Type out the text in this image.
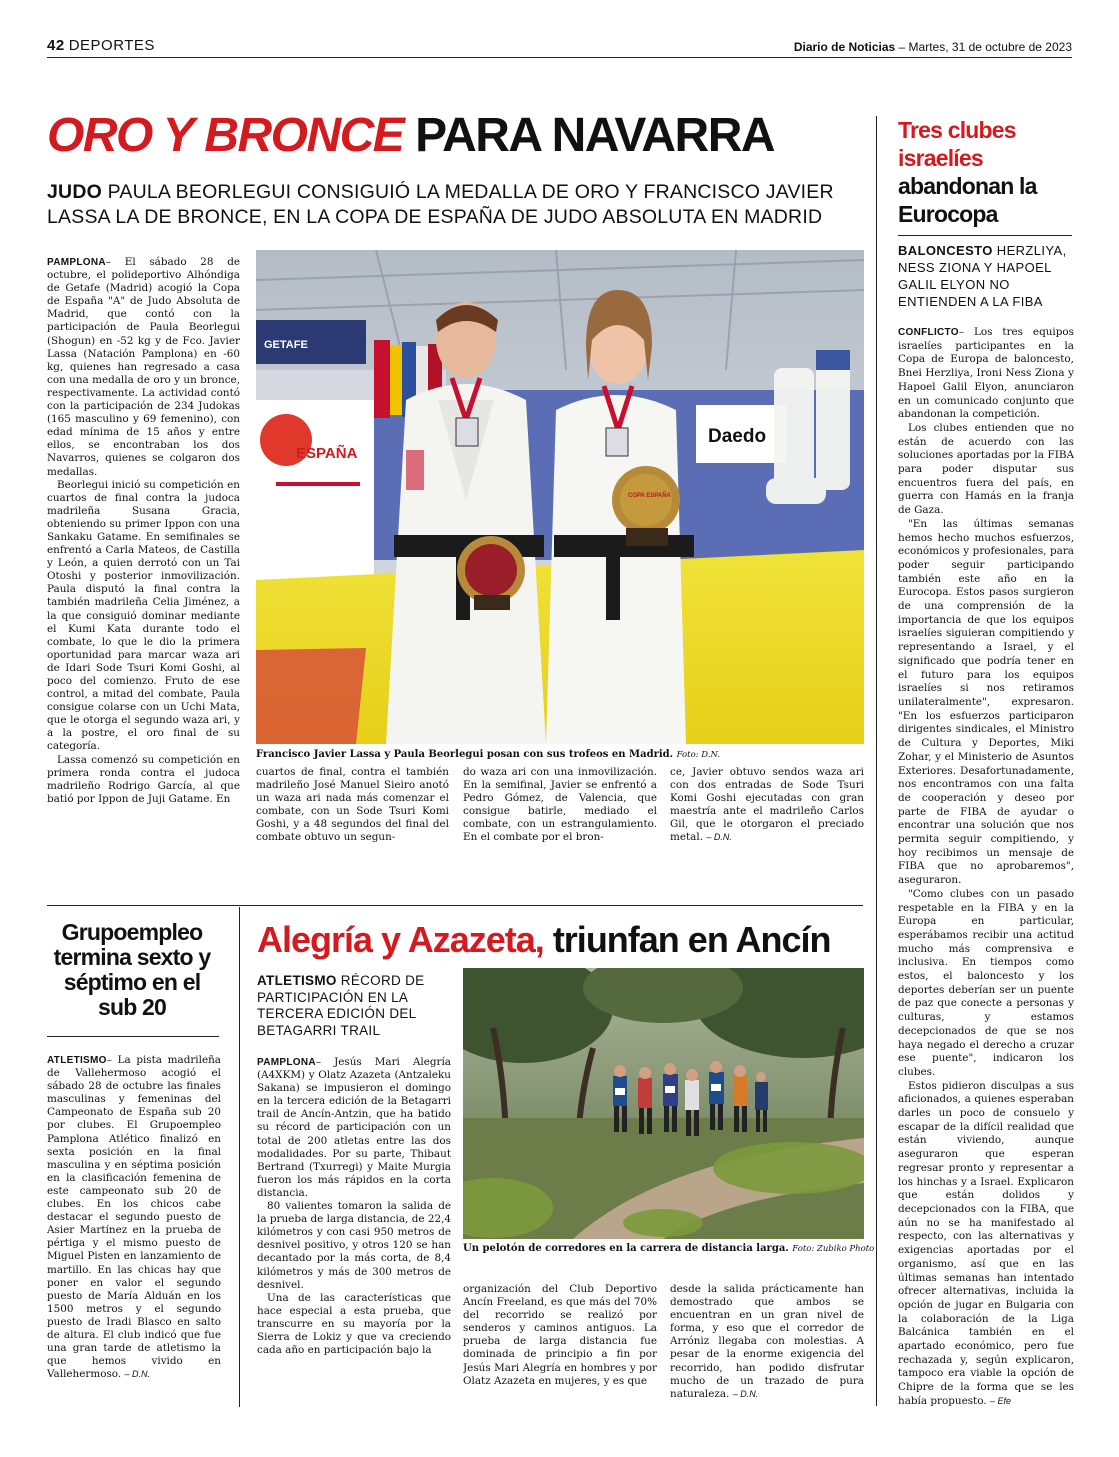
42 DEPORTES	Diario de Noticias – Martes, 31 de octubre de 2023
ORO Y BRONCE PARA NAVARRA
JUDO PAULA BEORLEGUI CONSIGUIÓ LA MEDALLA DE ORO Y FRANCISCO JAVIER LASSA LA DE BRONCE, EN LA COPA DE ESPAÑA DE JUDO ABSOLUTA EN MADRID

PAMPLONA– El sábado 28 de octubre, el polideportivo Alhóndiga de Getafe (Madrid) acogió la Copa de España "A" de Judo Absoluta de Madrid, que contó con la participación de Paula Beorlegui (Shogun) en -52 kg y de Fco. Javier Lassa (Natación Pamplona) en -60 kg, quienes han regresado a casa con una medalla de oro y un bronce, respectivamente. La actividad contó con la participación de 234 Judokas (165 masculino y 69 femenino), con edad mínima de 15 años y entre ellos, se encontraban los dos Navarros, quienes se colgaron dos medallas.

Beorlegui inició su competición en cuartos de final contra la judoca madrileña Susana Gracia, obteniendo su primer Ippon con una Sankaku Gatame. En semifinales se enfrentó a Carla Mateos, de Castilla y León, a quien derrotó con un Tai Otoshi y posterior inmovilización. Paula disputó la final contra la también madrileña Celia Jiménez, a la que consiguió dominar mediante el Kumi Kata durante todo el combate, lo que le dio la primera oportunidad para marcar waza ari de Idari Sode Tsuri Komi Goshi, al poco del comienzo. Fruto de ese control, a mitad del combate, Paula consigue colarse con un Uchi Mata, que le otorga el segundo waza ari, y a la postre, el oro final de su categoría.

Lassa comenzó su competición en primera ronda contra el judoca madrileño Rodrigo García, al que batió por Ippon de Juji Gatame. En

ESPAÑA
GETAFE
Daedo
COPA ESPAÑA
Francisco Javier Lassa y Paula Beorlegui posan con sus trofeos en Madrid. Foto: D.N.

cuartos de final, contra el también madrileño José Manuel Sieiro anotó un waza ari nada más comenzar el combate, con un Sode Tsuri Komi Goshi, y a 48 segundos del final del combate obtuvo un segun-

do waza ari con una inmovilización. En la semifinal, Javier se enfrentó a Pedro Gómez, de Valencia, que consigue batirle, mediado el combate, con un estrangulamiento. En el combate por el bron-

ce, Javier obtuvo sendos waza ari con dos entradas de Sode Tsuri Komi Goshi ejecutadas con gran maestría ante el madrileño Carlos Gil, que le otorgaron el preciado metal. – D.N.

Tres clubes israelíes abandonan la Eurocopa
BALONCESTO HERZLIYA, NESS ZIONA Y HAPOEL GALIL ELYON NO ENTIENDEN A LA FIBA

CONFLICTO– Los tres equipos israelíes participantes en la Copa de Europa de baloncesto, Bnei Herzliya, Ironi Ness Ziona y Hapoel Galil Elyon, anunciaron en un comunicado conjunto que abandonan la competición.

Los clubes entienden que no están de acuerdo con las soluciones aportadas por la FIBA para poder disputar sus encuentros fuera del país, en guerra con Hamás en la franja de Gaza.

"En las últimas semanas hemos hecho muchos esfuerzos, económicos y profesionales, para poder seguir participando también este año en la Eurocopa. Estos pasos surgieron de una comprensión de la importancia de que los equipos israelíes siguieran compitiendo y representando a Israel, y el significado que podría tener en el futuro para los equipos israelíes si nos retiramos unilateralmente", expresaron. "En los esfuerzos participaron dirigentes sindicales, el Ministro de Cultura y Deportes, Miki Zohar, y el Ministerio de Asuntos Exteriores. Desafortunadamente, nos encontramos con una falta de cooperación y deseo por parte de FIBA de ayudar o encontrar una solución que nos permita seguir compitiendo, y hoy recibimos un mensaje de FIBA que no aprobaremos", aseguraron.

"Como clubes con un pasado respetable en la FIBA y en la Europa en particular, esperábamos recibir una actitud mucho más comprensiva e inclusiva. En tiempos como estos, el baloncesto y los deportes deberían ser un puente de paz que conecte a personas y culturas, y estamos decepcionados de que se nos haya negado el derecho a cruzar ese puente", indicaron los clubes.

Estos pidieron disculpas a sus aficionados, a quienes esperaban darles un poco de consuelo y escapar de la difícil realidad que están viviendo, aunque aseguraron que esperan regresar pronto y representar a los hinchas y a Israel. Explicaron que están dolidos y decepcionados con la FIBA, que aún no se ha manifestado al respecto, con las alternativas y exigencias aportadas por el organismo, así que en las últimas semanas han intentado ofrecer alternativas, incluida la opción de jugar en Bulgaria con la colaboración de la Liga Balcánica también en el apartado económico, pero fue rechazada y, según explicaron, tampoco era viable la opción de Chipre de la forma que se les había propuesto. – Efe

Grupoempleo termina sexto y séptimo en el sub 20

ATLETISMO– La pista madrileña de Vallehermoso acogió el sábado 28 de octubre las finales masculinas y femeninas del Campeonato de España sub 20 por clubes. El Grupoempleo Pamplona Atlético finalizó en sexta posición en la final masculina y en séptima posición en la clasificación femenina de este campeonato sub 20 de clubes. En los chicos cabe destacar el segundo puesto de Asier Martínez en la prueba de pértiga y el mismo puesto de Miguel Pisten en lanzamiento de martillo. En las chicas hay que poner en valor el segundo puesto de María Alduán en los 1500 metros y el segundo puesto de Iradi Blasco en salto de altura. El club indicó que fue una gran tarde de atletismo la que hemos vivido en Vallehermoso. – D.N.

Alegría y Azazeta, triunfan en Ancín
ATLETISMO RÉCORD DE PARTICIPACIÓN EN LA TERCERA EDICIÓN DEL BETAGARRI TRAIL

PAMPLONA– Jesús Mari Alegría (A4XKM) y Olatz Azazeta (Antzaleku Sakana) se impusieron el domingo en la tercera edición de la Betagarri trail de Ancín-Antzin, que ha batido su récord de participación con un total de 200 atletas entre las dos modalidades. Por su parte, Thibaut Bertrand (Txurregi) y Maite Murgia fueron los más rápidos en la corta distancia.

80 valientes tomaron la salida de la prueba de larga distancia, de 22,4 kilómetros y con casi 950 metros de desnivel positivo, y otros 120 se han decantado por la más corta, de 8,4 kilómetros y más de 300 metros de desnivel.

Una de las características que hace especial a esta prueba, que transcurre en su mayoría por la Sierra de Lokiz y que va creciendo cada año en participación bajo la

Un pelotón de corredores en la carrera de distancia larga. Foto: Zubiko Photo

organización del Club Deportivo Ancín Freeland, es que más del 70% del recorrido se realizó por senderos y caminos antiguos. La prueba de larga distancia fue dominada de principio a fin por Jesús Mari Alegría en hombres y por Olatz Azazeta en mujeres, y es que

desde la salida prácticamente han demostrado que ambos se encuentran en un gran nivel de forma, y eso que el corredor de Arróniz llegaba con molestias. A pesar de la enorme exigencia del recorrido, han podido disfrutar mucho de un trazado de pura naturaleza. – D.N.
